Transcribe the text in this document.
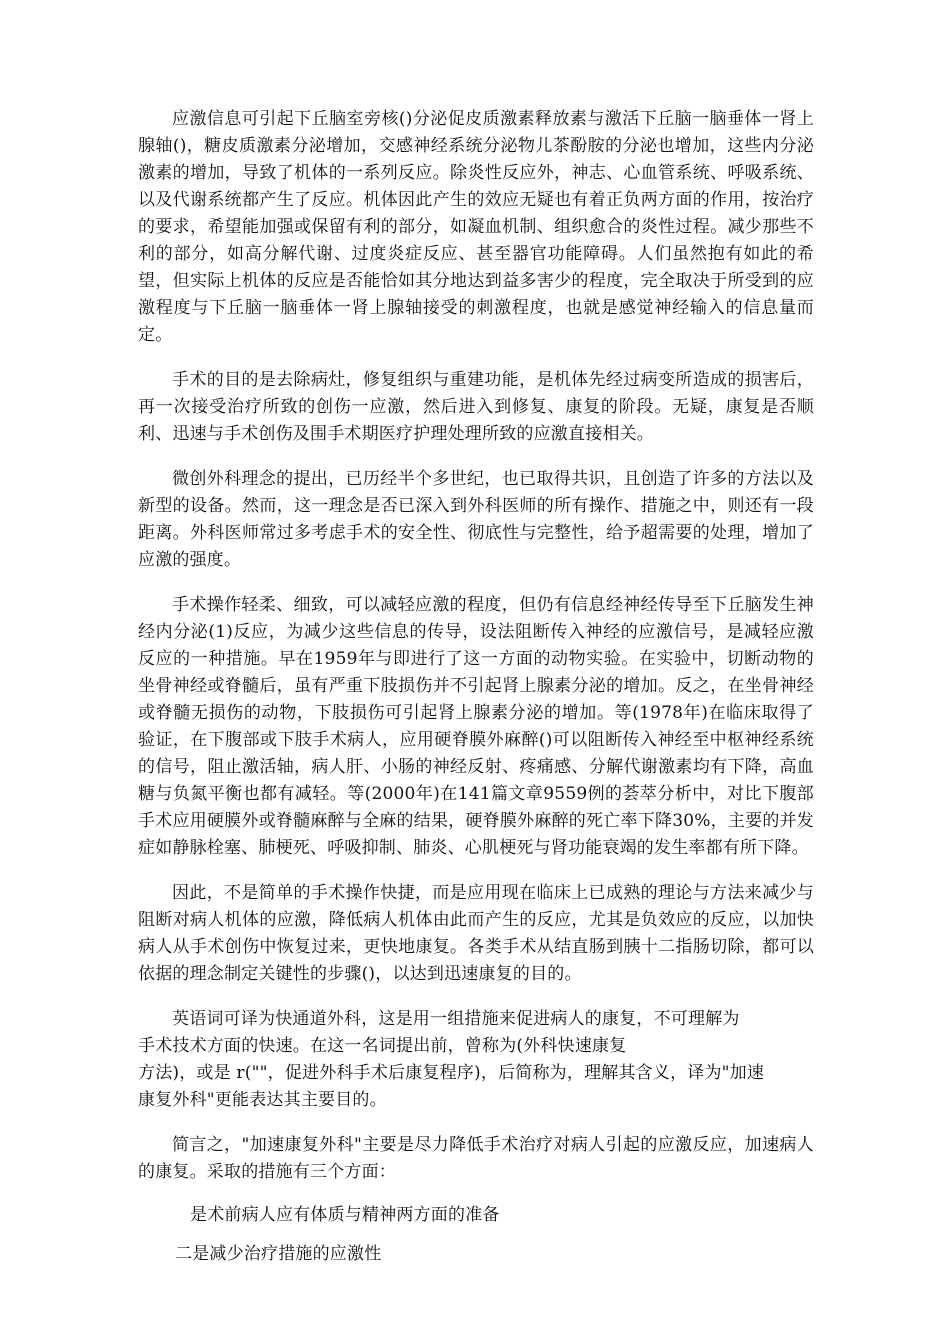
应激信息可引起下丘脑室旁核()分泌促皮质激素释放素与激活下丘脑一脑垂体一肾上腺轴()，糖皮质激素分泌增加，交感神经系统分泌物儿茶酚胺的分泌也增加，这些内分泌激素的增加，导致了机体的一系列反应。除炎性反应外，神志、心血管系统、呼吸系统、以及代谢系统都产生了反应。机体因此产生的效应无疑也有着正负两方面的作用，按治疗的要求，希望能加强或保留有利的部分，如凝血机制、组织愈合的炎性过程。减少那些不利的部分，如高分解代谢、过度炎症反应、甚至器官功能障碍。人们虽然抱有如此的希望，但实际上机体的反应是否能恰如其分地达到益多害少的程度，完全取决于所受到的应激程度与下丘脑一脑垂体一肾上腺轴接受的刺激程度，也就是感觉神经输入的信息量而定。

手术的目的是去除病灶，修复组织与重建功能，是机体先经过病变所造成的损害后，再一次接受治疗所致的创伤一应激，然后进入到修复、康复的阶段。无疑，康复是否顺利、迅速与手术创伤及围手术期医疗护理处理所致的应激直接相关。

微创外科理念的提出，已历经半个多世纪，也已取得共识，且创造了许多的方法以及新型的设备。然而，这一理念是否已深入到外科医师的所有操作、措施之中，则还有一段距离。外科医师常过多考虑手术的安全性、彻底性与完整性，给予超需要的处理，增加了应激的强度。

手术操作轻柔、细致，可以减轻应激的程度，但仍有信息经神经传导至下丘脑发生神经内分泌(1)反应，为减少这些信息的传导，设法阻断传入神经的应激信号，是减轻应激反应的一种措施。早在1959年与即进行了这一方面的动物实验。在实验中，切断动物的坐骨神经或脊髓后，虽有严重下肢损伤并不引起肾上腺素分泌的增加。反之，在坐骨神经或脊髓无损伤的动物，下肢损伤可引起肾上腺素分泌的增加。等(1978年)在临床取得了验证，在下腹部或下肢手术病人，应用硬脊膜外麻醉()可以阻断传入神经至中枢神经系统的信号，阻止激活轴，病人肝、小肠的神经反射、疼痛感、分解代谢激素均有下降，高血糖与负氮平衡也都有减轻。等(2000年)在141篇文章9559例的荟萃分析中，对比下腹部手术应用硬膜外或脊髓麻醉与全麻的结果，硬脊膜外麻醉的死亡率下降30%，主要的并发症如静脉栓塞、肺梗死、呼吸抑制、肺炎、心肌梗死与肾功能衰竭的发生率都有所下降。

因此，不是简单的手术操作快捷，而是应用现在临床上已成熟的理论与方法来减少与阻断对病人机体的应激，降低病人机体由此而产生的反应，尤其是负效应的反应，以加快病人从手术创伤中恢复过来，更快地康复。各类手术从结直肠到胰十二指肠切除，都可以依据的理念制定关键性的步骤()，以达到迅速康复的目的。

英语词可译为快通道外科，这是用一组措施来促进病人的康复，不可理解为
手术技术方面的快速。在这一名词提出前，曾称为(外科快速康复
方法)，或是 r(""，促进外科手术后康复程序)，后简称为，理解其含义，译为"加速
康复外科"更能表达其主要目的。

简言之，"加速康复外科"主要是尽力降低手术治疗对病人引起的应激反应，加速病人的康复。采取的措施有三个方面：

是术前病人应有体质与精神两方面的准备
二是减少治疗措施的应激性
